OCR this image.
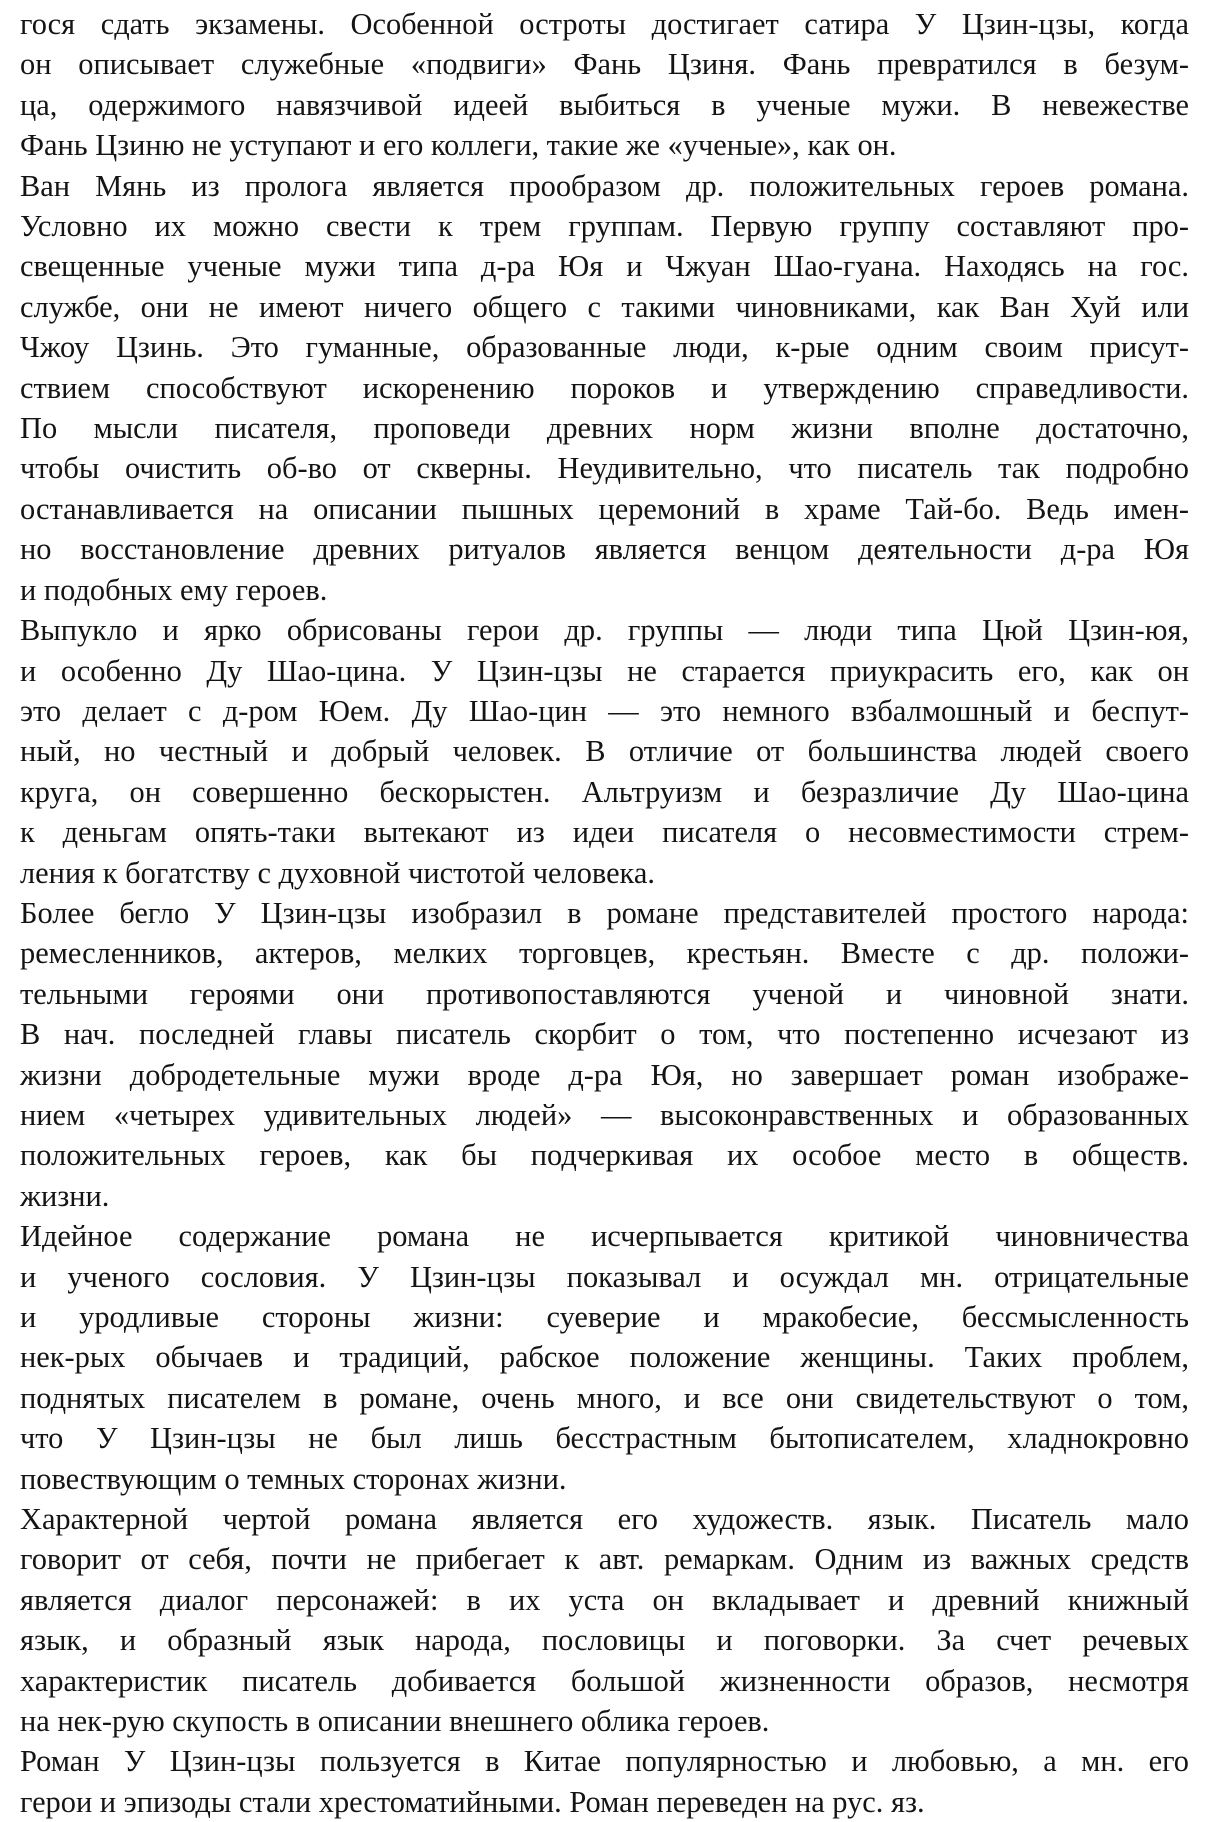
гося сдать экзамены. Особенной остроты достигает сатира У Цзин-цзы, когда
он описывает служебные «подвиги» Фань Цзиня. Фань превратился в безум-
ца, одержимого навязчивой идеей выбиться в ученые мужи. В невежестве
Фань Цзиню не уступают и его коллеги, такие же «ученые», как он.
Ван Мянь из пролога является прообразом др. положительных героев романа.
Условно их можно свести к трем группам. Первую группу составляют про-
свещенные ученые мужи типа д-ра Юя и Чжуан Шао-гуана. Находясь на гос.
службе, они не имеют ничего общего с такими чиновниками, как Ван Хуй или
Чжоу Цзинь. Это гуманные, образованные люди, к-рые одним своим присут-
ствием способствуют искоренению пороков и утверждению справедливости.
По мысли писателя, проповеди древних норм жизни вполне достаточно,
чтобы очистить об-во от скверны. Неудивительно, что писатель так подробно
останавливается на описании пышных церемоний в храме Тай-бо. Ведь имен-
но восстановление древних ритуалов является венцом деятельности д-ра Юя
и подобных ему героев.
Выпукло и ярко обрисованы герои др. группы — люди типа Цюй Цзин-юя,
и особенно Ду Шао-цина. У Цзин-цзы не старается приукрасить его, как он
это делает с д-ром Юем. Ду Шао-цин — это немного взбалмошный и беспут-
ный, но честный и добрый человек. В отличие от большинства людей своего
круга, он совершенно бескорыстен. Альтруизм и безразличие Ду Шао-цина
к деньгам опять-таки вытекают из идеи писателя о несовместимости стрем-
ления к богатству с духовной чистотой человека.
Более бегло У Цзин-цзы изобразил в романе представителей простого народа:
ремесленников, актеров, мелких торговцев, крестьян. Вместе с др. положи-
тельными героями они противопоставляются ученой и чиновной знати.
В нач. последней главы писатель скорбит о том, что постепенно исчезают из
жизни добродетельные мужи вроде д-ра Юя, но завершает роман изображе-
нием «четырех удивительных людей» — высоконравственных и образованных
положительных героев, как бы подчеркивая их особое место в обществ.
жизни.
Идейное содержание романа не исчерпывается критикой чиновничества
и ученого сословия. У Цзин-цзы показывал и осуждал мн. отрицательные
и уродливые стороны жизни: суеверие и мракобесие, бессмысленность
нек-рых обычаев и традиций, рабское положение женщины. Таких проблем,
поднятых писателем в романе, очень много, и все они свидетельствуют о том,
что У Цзин-цзы не был лишь бесстрастным бытописателем, хладнокровно
повествующим о темных сторонах жизни.
Характерной чертой романа является его художеств. язык. Писатель мало
говорит от себя, почти не прибегает к авт. ремаркам. Одним из важных средств
является диалог персонажей: в их уста он вкладывает и древний книжный
язык, и образный язык народа, пословицы и поговорки. За счет речевых
характеристик писатель добивается большой жизненности образов, несмотря
на нек-рую скупость в описании внешнего облика героев.
Роман У Цзин-цзы пользуется в Китае популярностью и любовью, а мн. его
герои и эпизоды стали хрестоматийными. Роман переведен на рус. яз.
